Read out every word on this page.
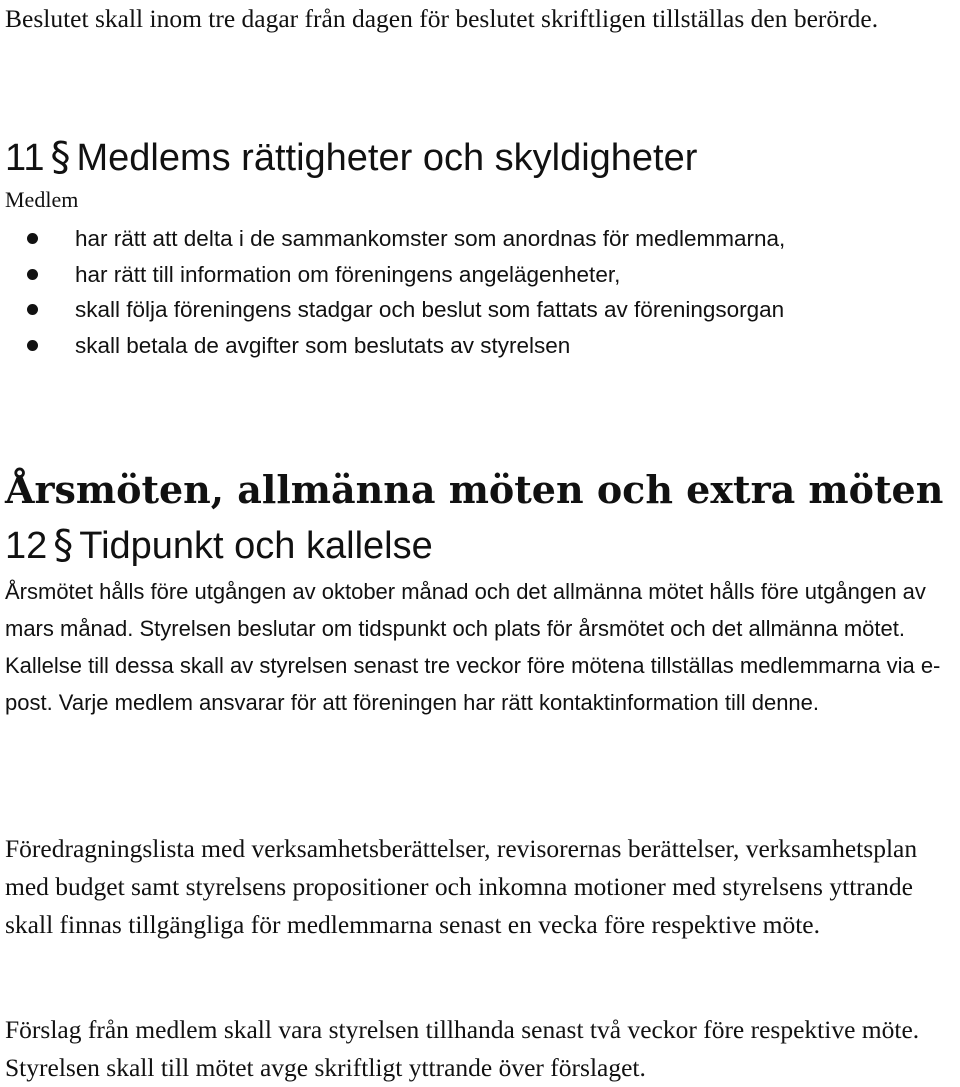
Beslutet skall inom tre dagar från dagen för beslutet skriftligen tillställas den berörde.

11 § Medlems rättigheter och skyldigheter

Medlem

har rätt att delta i de sammankomster som anordnas för medlemmarna,
har rätt till information om föreningens angelägenheter,
skall följa föreningens stadgar och beslut som fattats av föreningsorgan
skall betala de avgifter som beslutats av styrelsen
Årsmöten, allmänna möten och extra möten
12 § Tidpunkt och kallelse

Årsmötet hålls före utgången av oktober månad och det allmänna mötet hålls före utgången av mars månad. Styrelsen beslutar om tidspunkt och plats för årsmötet och det allmänna mötet.

Kallelse till dessa skall av styrelsen senast tre veckor före mötena tillställas medlemmarna via e-post. Varje medlem ansvarar för att föreningen har rätt kontaktinformation till denne.

Föredragningslista med verksamhetsberättelser, revisorernas berättelser, verksamhetsplan med budget samt styrelsens propositioner och inkomna motioner med styrelsens yttrande skall finnas tillgängliga för medlemmarna senast en vecka före respektive möte.

Förslag från medlem skall vara styrelsen tillhanda senast två veckor före respektive möte. Styrelsen skall till mötet avge skriftligt yttrande över förslaget.
